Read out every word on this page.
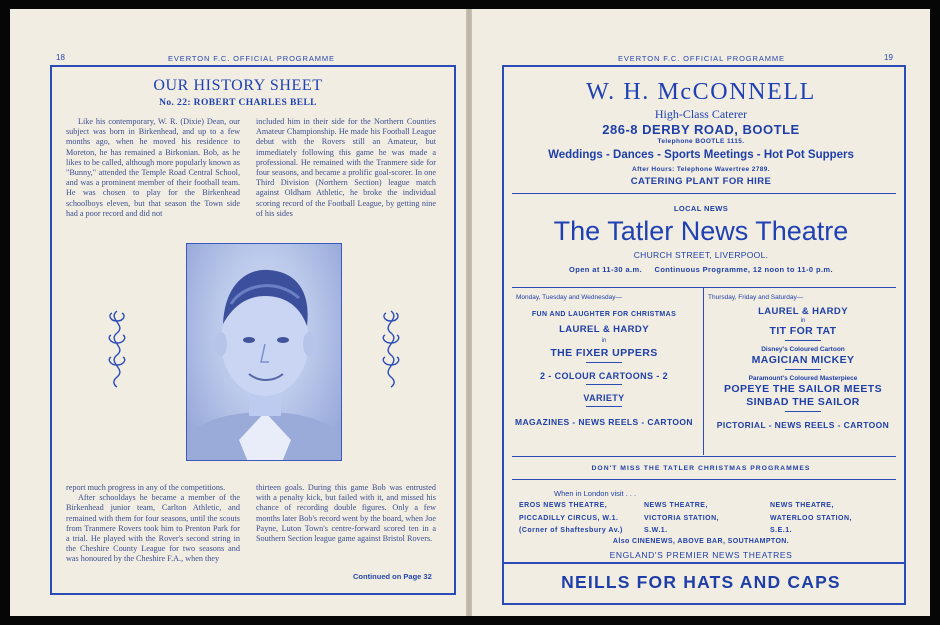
18	EVERTON F.C. OFFICIAL PROGRAMME
OUR HISTORY SHEET
No. 22: ROBERT CHARLES BELL

Like his contemporary, W. R. (Dixie) Dean, our subject was born in Birkenhead, and up to a few months ago, when he moved his residence to Moreton, he has remained a Birkonian. Bob, as he likes to be called, although more popularly known as "Bunny," attended the Temple Road Central School, and was a prominent member of their football team. He was chosen to play for the Birkenhead schoolboys eleven, but that season the Town side had a poor record and did not

included him in their side for the Northern Counties Amateur Championship. He made his Football League debut with the Rovers still an Amateur, but immediately following this game he was made a professional. He remained with the Tranmere side for four seasons, and became a prolific goal-scorer. In one Third Division (Northern Section) league match against Oldham Athletic, he broke the individual scoring record of the Football League, by getting nine of his sides

report much progress in any of the competitions.

After schooldays he became a member of the Birkenhead junior team, Carlton Athletic, and remained with them for four seasons, until the scouts from Tranmere Rovers took him to Prenton Park for a trial. He played with the Rover's second string in the Cheshire County League for two seasons and was honoured by the Cheshire F.A., when they

thirteen goals. During this game Bob was entrusted with a penalty kick, but failed with it, and missed his chance of recording double figures. Only a few months later Bob's record went by the board, when Joe Payne, Luton Town's centre-forward scored ten in a Southern Section league game against Bristol Rovers.

Continued on Page 32
EVERTON F.C. OFFICIAL PROGRAMME	19
W. H. McCONNELL
High-Class Caterer
286-8 DERBY ROAD, BOOTLE
Telephone BOOTLE 1115.
Weddings - Dances - Sports Meetings - Hot Pot Suppers
After Hours: Telephone Wavertree 2789.
CATERING PLANT FOR HIRE
LOCAL NEWS
The Tatler News Theatre
CHURCH STREET, LIVERPOOL.
Open at 11-30 a.m.     Continuous Programme, 12 noon to 11-0 p.m.
Monday, Tuesday and Wednesday—
FUN AND LAUGHTER FOR CHRISTMAS
LAUREL & HARDY
in
THE FIXER UPPERS
2 - COLOUR CARTOONS - 2
VARIETY
MAGAZINES - NEWS REELS - CARTOON
Thursday, Friday and Saturday—
LAUREL & HARDY
in
TIT FOR TAT
Disney's Coloured Cartoon
MAGICIAN MICKEY
Paramount's Coloured Masterpiece
POPEYE THE SAILOR MEETS
SINBAD THE SAILOR
PICTORIAL - NEWS REELS - CARTOON
DON'T MISS THE TATLER CHRISTMAS PROGRAMMES
When in London visit . . .
EROS NEWS THEATRE,
PICCADILLY CIRCUS, W.1.
(Corner of Shaftesbury Av.)
NEWS THEATRE,
VICTORIA STATION,
S.W.1.
NEWS THEATRE,
WATERLOO STATION,
S.E.1.
Also CINENEWS, ABOVE BAR, SOUTHAMPTON.
ENGLAND'S PREMIER NEWS THEATRES
NEILLS FOR HATS AND CAPS
